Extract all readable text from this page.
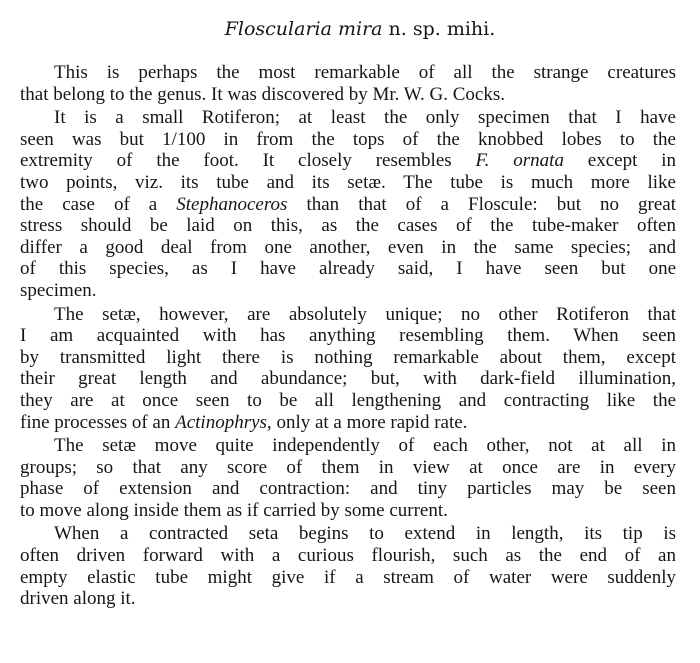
Floscularia mira n. sp. mihi.

This is perhaps the most remarkable of all the strange creatures
that belong to the genus. It was discovered by Mr. W. G. Cocks.

It is a small Rotiferon; at least the only specimen that I have
seen was but 1/100 in from the tops of the knobbed lobes to the
extremity of the foot. It closely resembles F. ornata except in
two points, viz. its tube and its setæ. The tube is much more like
the case of a Stephanoceros than that of a Floscule: but no great
stress should be laid on this, as the cases of the tube-maker often
differ a good deal from one another, even in the same species; and
of this species, as I have already said, I have seen but one
specimen.

The setæ, however, are absolutely unique; no other Rotiferon that
I am acquainted with has anything resembling them. When seen
by transmitted light there is nothing remarkable about them, except
their great length and abundance; but, with dark-field illumination,
they are at once seen to be all lengthening and contracting like the
fine processes of an Actinophrys, only at a more rapid rate.

The setæ move quite independently of each other, not at all in
groups; so that any score of them in view at once are in every
phase of extension and contraction: and tiny particles may be seen
to move along inside them as if carried by some current.

When a contracted seta begins to extend in length, its tip is
often driven forward with a curious flourish, such as the end of an
empty elastic tube might give if a stream of water were suddenly
driven along it.
